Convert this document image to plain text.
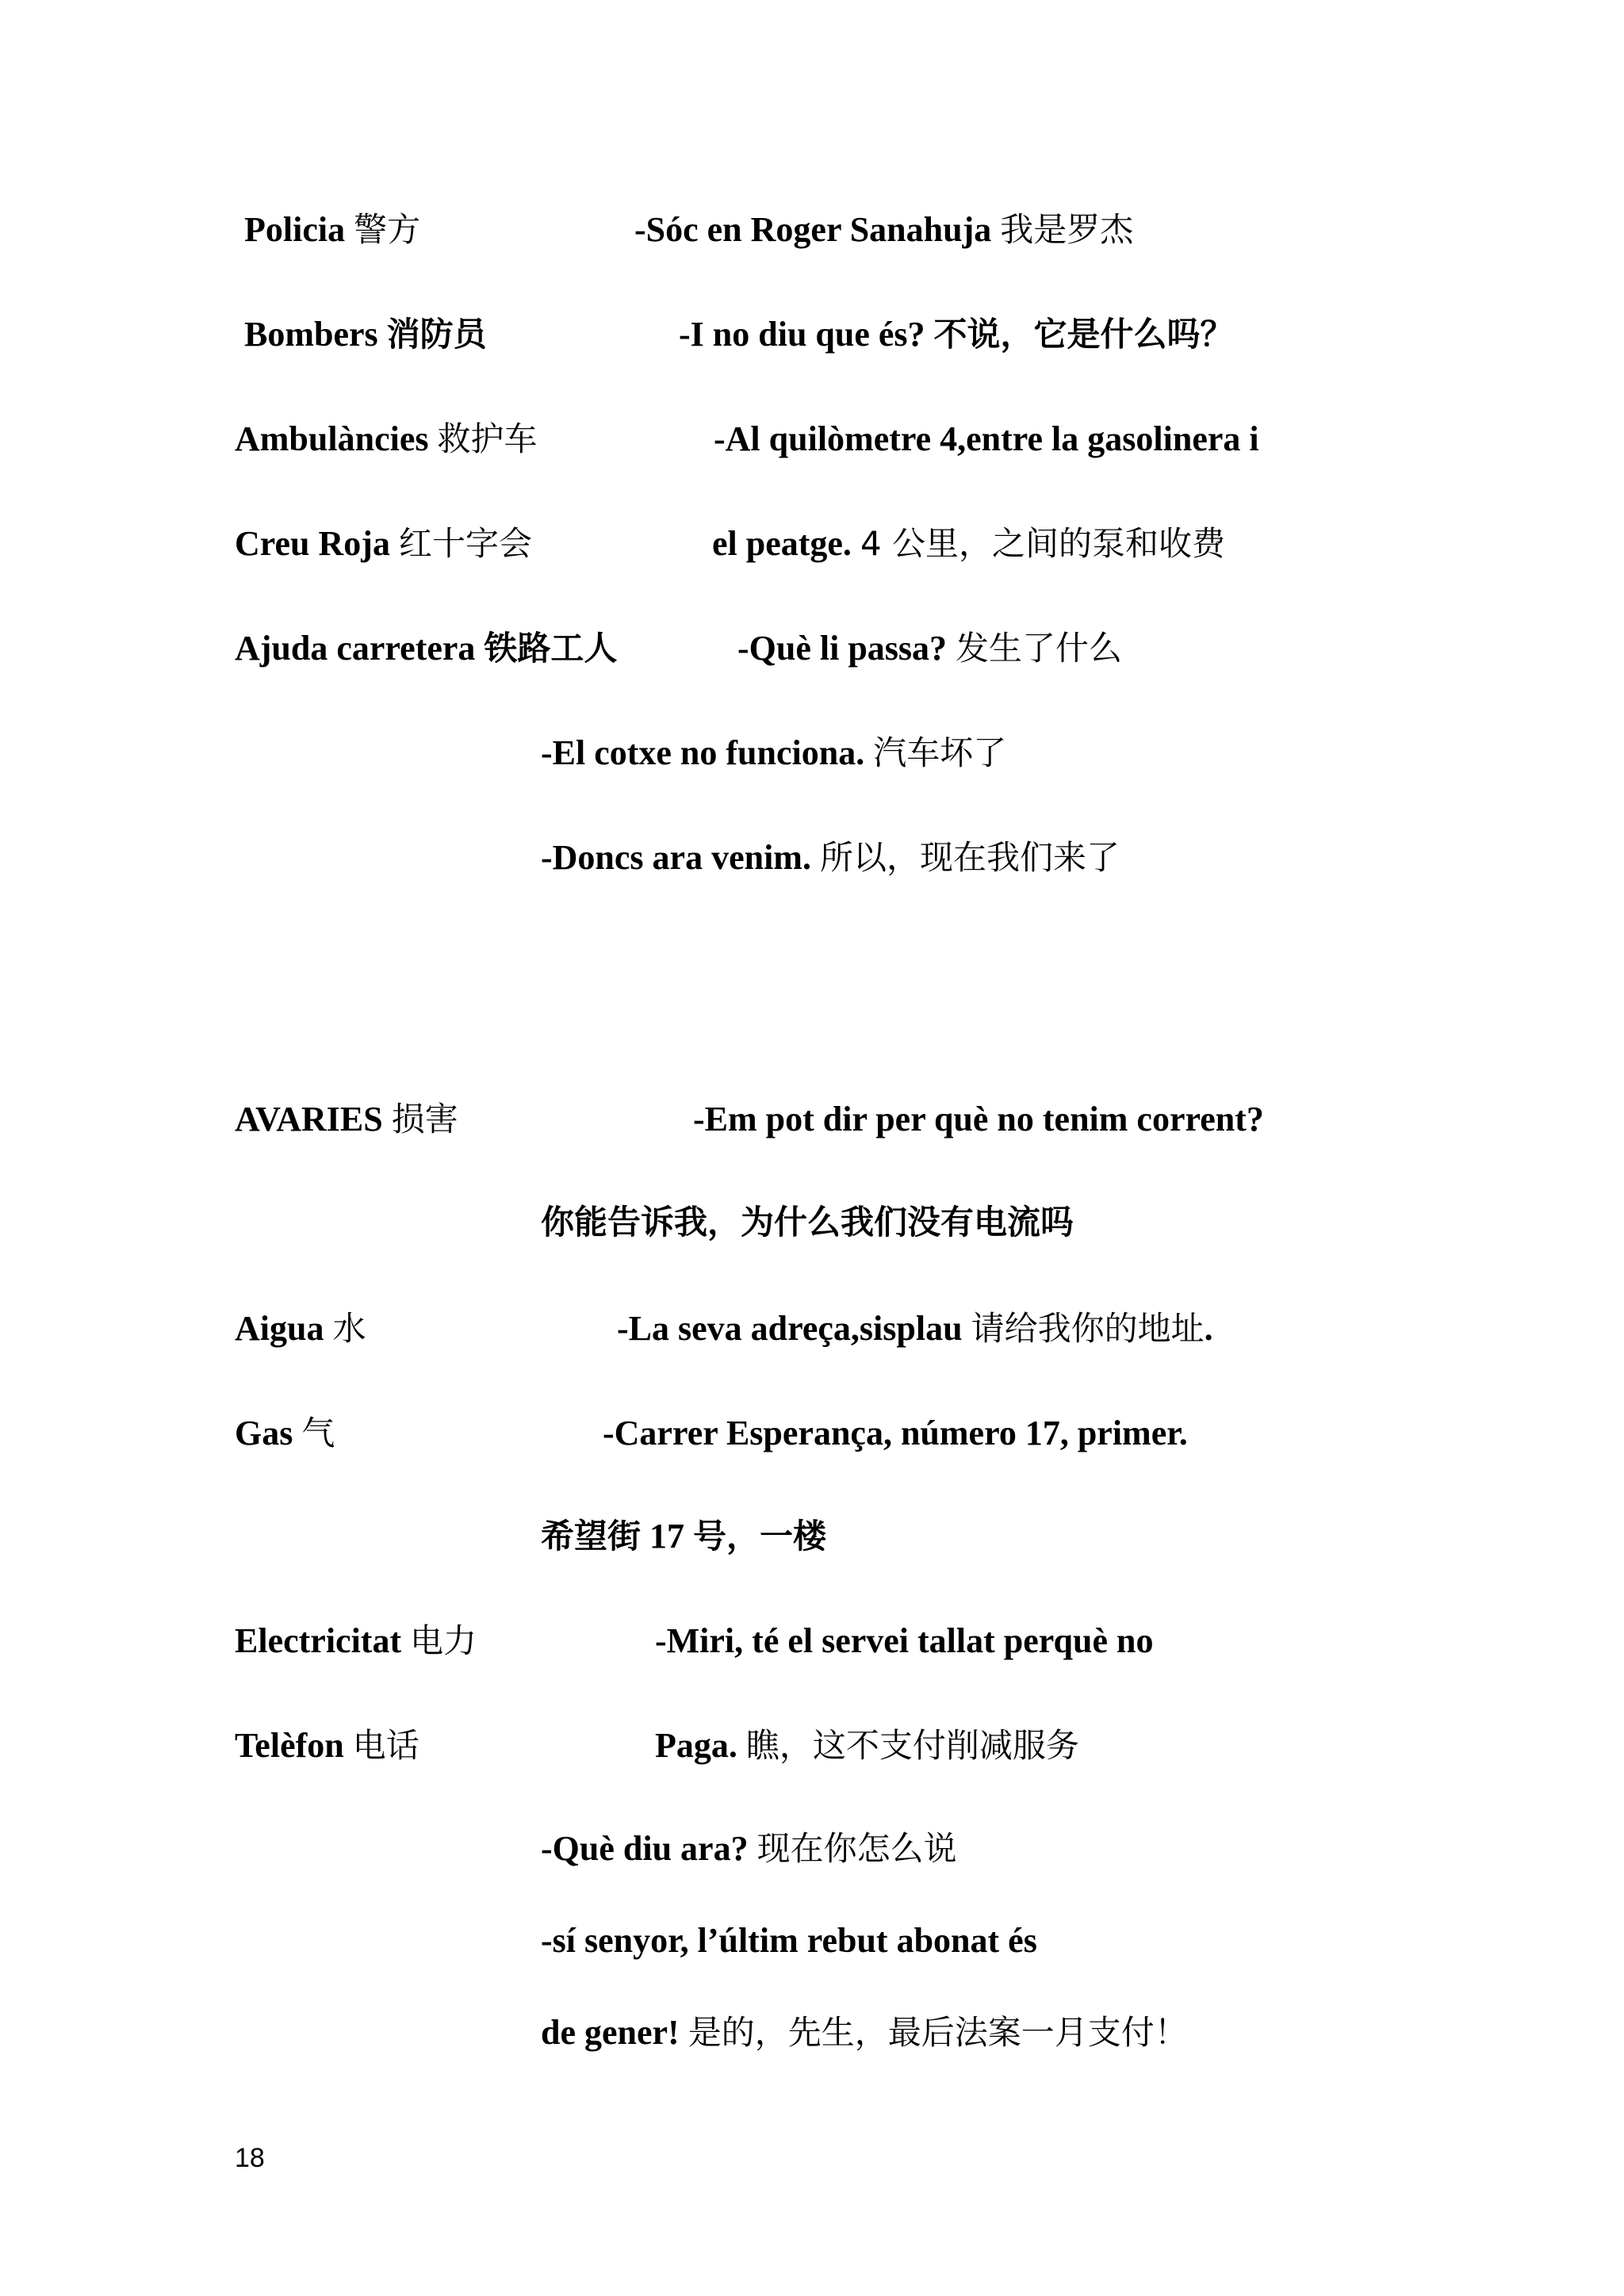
Policia 警方	-Sóc en Roger Sanahuja 我是罗杰
Bombers 消防员	-I no diu que és? 不说，它是什么吗？
Ambulàncies 救护车	-Al quilòmetre 4,entre la gasolinera i
Creu Roja 红十字会	el peatge. 4 公里，之间的泵和收费
Ajuda carretera 铁路工人	-Què li passa? 发生了什么
-El cotxe no funciona. 汽车坏了
-Doncs ara venim. 所以，现在我们来了
AVARIES 损害	-Em pot dir per què no tenim corrent?
你能告诉我，为什么我们没有电流吗
Aigua 水	-La seva adreça,sisplau 请给我你的地址.
Gas 气	-Carrer Esperança, número 17, primer.
希望街 17 号，一楼
Electricitat 电力	-Miri, té el servei tallat perquè no
Telèfon 电话	Paga. 瞧，这不支付削减服务
-Què diu ara? 现在你怎么说
-sí senyor, l’últim rebut abonat és
de gener! 是的，先生，最后法案一月支付！
18
